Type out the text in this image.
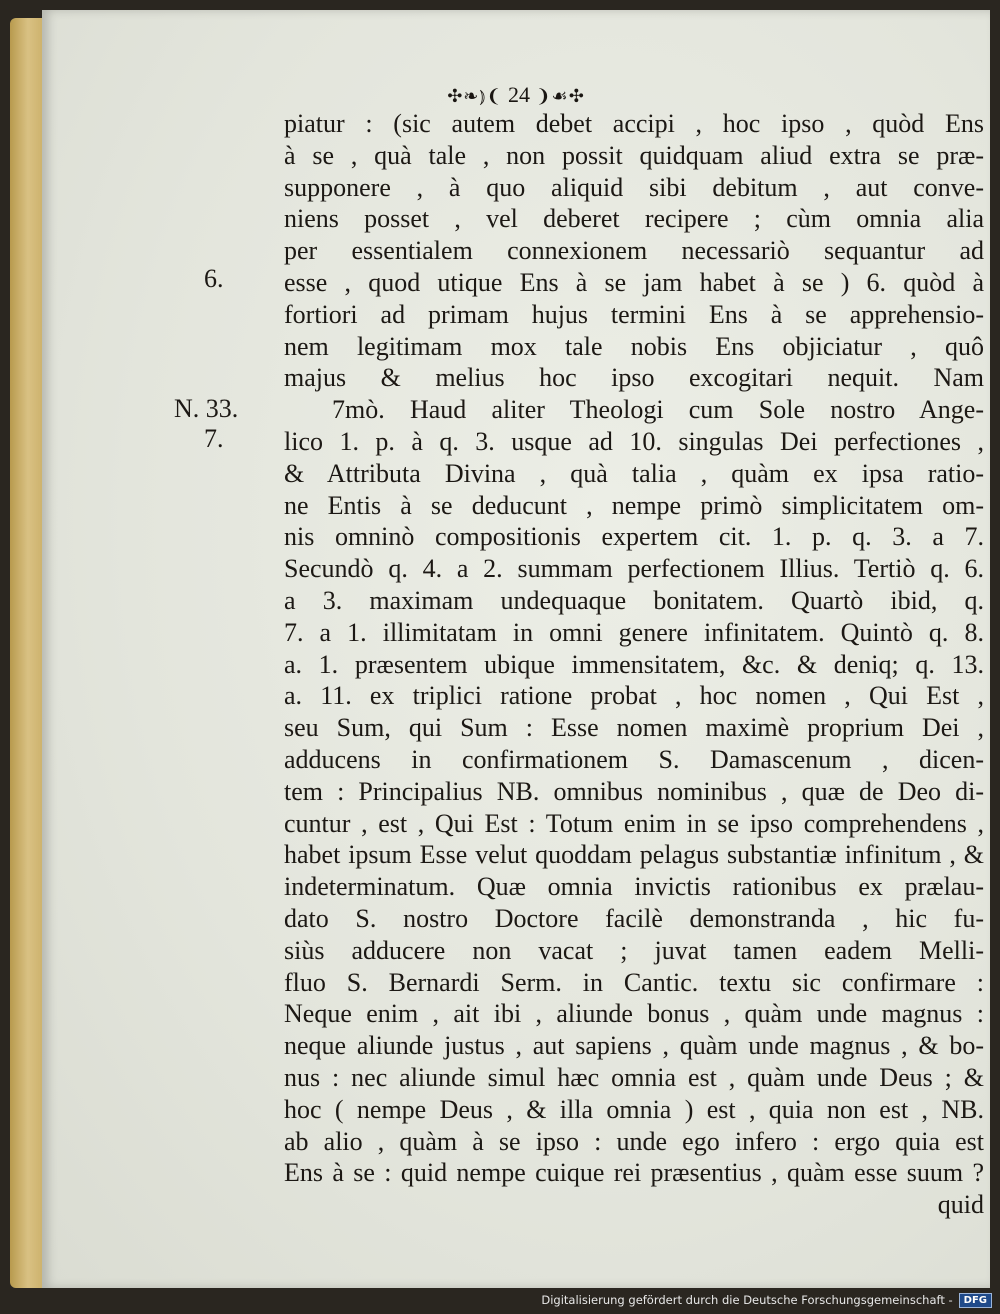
✣❧⦆❨ 24 ❩☙✣
6.
N. 33.
7.
piatur : (sic autem debet accipi , hoc ipso , quòd Ens
à se , quà tale , non possit quidquam aliud extra se præ-
supponere , à quo aliquid sibi debitum , aut conve-
niens posset , vel deberet recipere ; cùm omnia alia
per essentialem connexionem necessariò sequantur ad
esse , quod utique Ens à se jam habet à se ) 6. quòd à
fortiori ad primam hujus termini Ens à se apprehensio-
nem legitimam mox tale nobis Ens objiciatur , quô
majus & melius hoc ipso excogitari nequit. Nam
7mò. Haud aliter Theologi cum Sole nostro Ange-
lico 1. p. à q. 3. usque ad 10. singulas Dei perfectiones ,
& Attributa Divina , quà talia , quàm ex ipsa ratio-
ne Entis à se deducunt , nempe primò simplicitatem om-
nis omninò compositionis expertem cit. 1. p. q. 3. a 7.
Secundò q. 4. a 2. summam perfectionem Illius. Tertiò q. 6.
a 3. maximam undequaque bonitatem. Quartò ibid, q.
7. a 1. illimitatam in omni genere infinitatem. Quintò q. 8.
a. 1. præsentem ubique immensitatem, &c. & deniq; q. 13.
a. 11. ex triplici ratione probat , hoc nomen , Qui Est ,
seu Sum, qui Sum : Esse nomen maximè proprium Dei ,
adducens in confirmationem S. Damascenum , dicen-
tem : Principalius NB. omnibus nominibus , quæ de Deo di-
cuntur , est , Qui Est : Totum enim in se ipso comprehendens ,
habet ipsum Esse velut quoddam pelagus substantiæ infinitum , &
indeterminatum. Quæ omnia invictis rationibus ex prælau-
dato S. nostro Doctore facilè demonstranda , hic fu-
siùs adducere non vacat ; juvat tamen eadem Melli-
fluo S. Bernardi Serm. in Cantic. textu sic confirmare :
Neque enim , ait ibi , aliunde bonus , quàm unde magnus :
neque aliunde justus , aut sapiens , quàm unde magnus , & bo-
nus : nec aliunde simul hæc omnia est , quàm unde Deus ; &
hoc ( nempe Deus , & illa omnia ) est , quia non est , NB.
ab alio , quàm à se ipso : unde ego infero : ergo quia est
Ens à se : quid nempe cuique rei præsentius , quàm esse suum ?
quid
Digitalisierung gefördert durch die Deutsche Forschungsgemeinschaft -	DFG
